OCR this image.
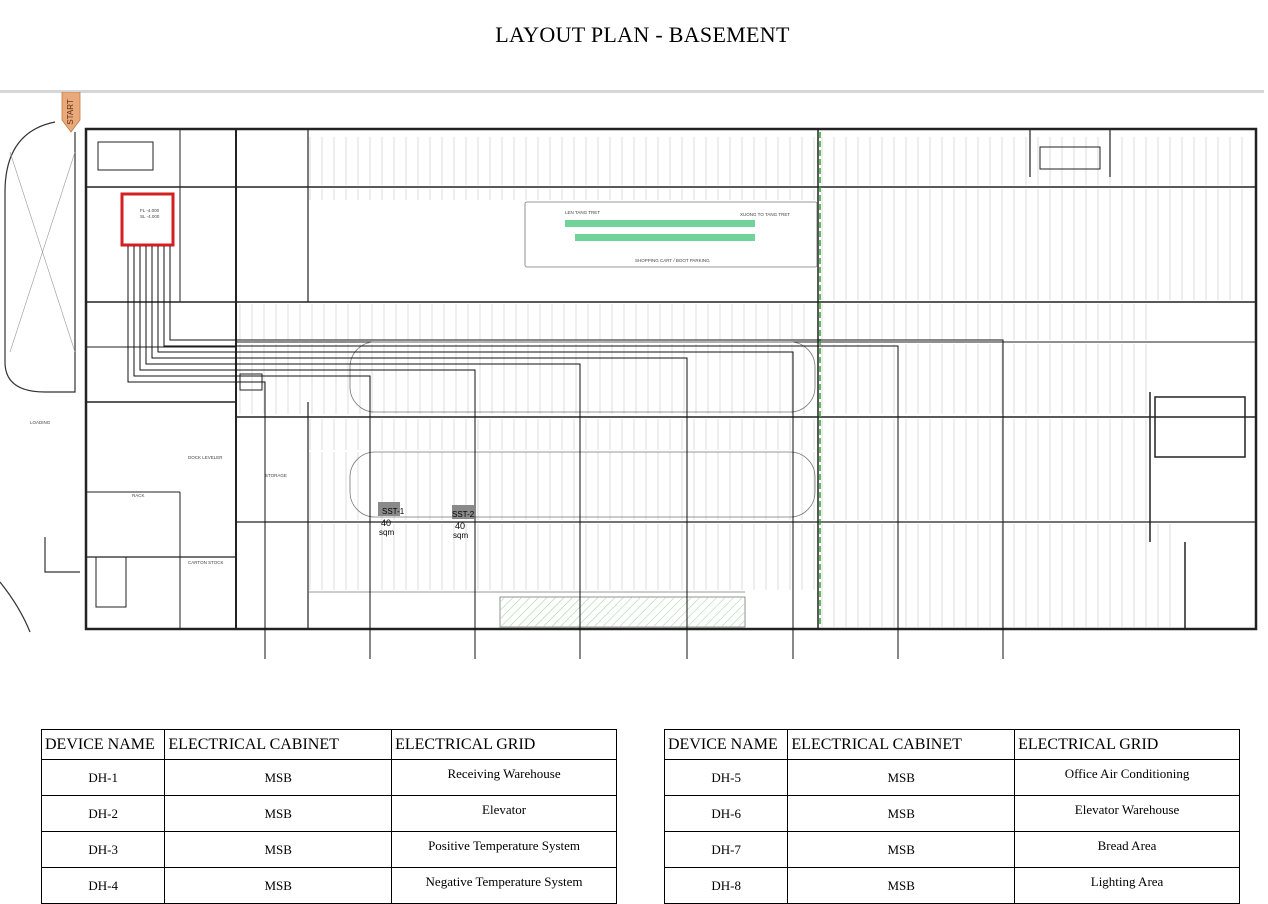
LAYOUT PLAN - BASEMENT
START
SST-1
40
sqm
SST-2
40
sqm
STORAGE
DOCK LEVELER
LOADING
CARTON STOCK
RACK
FL -4.000
SL -4.000
SHOPPING CART / BOOT PARKING
LEN TANG TRET	XUONG TO TANG TRET
DEVICE NAME	ELECTRICAL CABINET	ELECTRICAL GRID
DH-1	MSB	Receiving Warehouse
DH-2	MSB	Elevator
DH-3	MSB	Positive Temperature System
DH-4	MSB	Negative Temperature System
DEVICE NAME	ELECTRICAL CABINET	ELECTRICAL GRID
DH-5	MSB	Office Air Conditioning
DH-6	MSB	Elevator Warehouse
DH-7	MSB	Bread Area
DH-8	MSB	Lighting Area
